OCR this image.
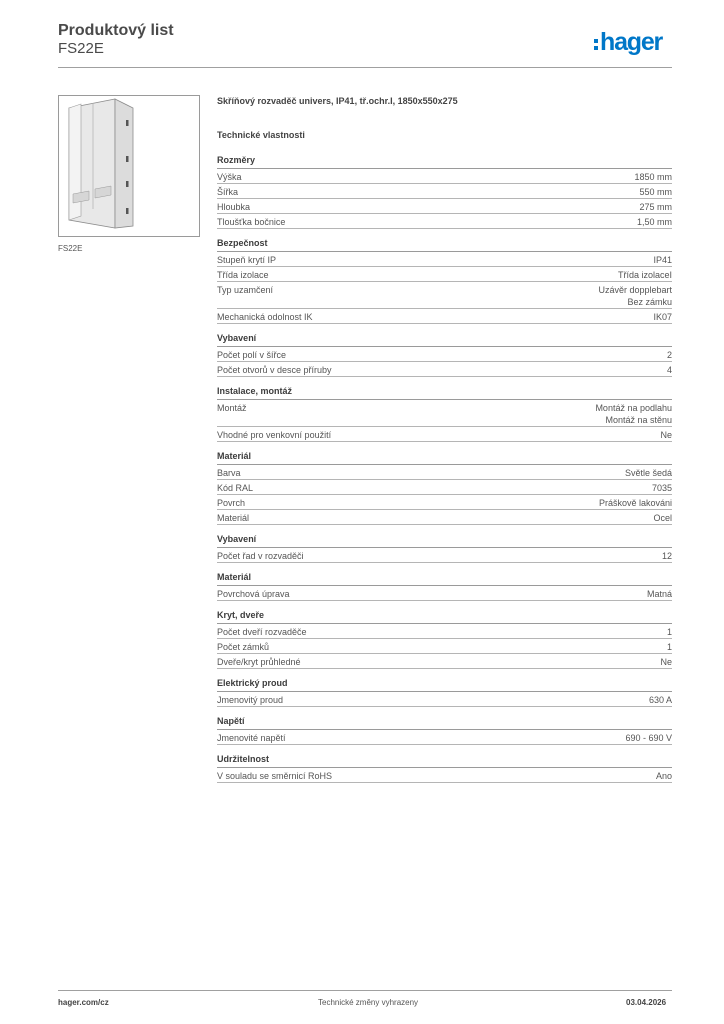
Produktový list
FS22E	hager
FS22E
Skříňový rozvaděč univers, IP41, tř.ochr.I, 1850x550x275
Technické vlastnosti
Rozměry
Výška	1850 mm
Šířka	550 mm
Hloubka	275 mm
Tloušťka bočnice	1,50 mm
Bezpečnost
Stupeň krytí IP	IP41
Třída izolace	Třída izolaceI
Typ uzamčení	Uzávěr dopplebart
Bez zámku
Mechanická odolnost IK	IK07
Vybavení
Počet polí v šířce	2
Počet otvorů v desce příruby	4
Instalace, montáž
Montáž	Montáž na podlahu
Montáž na stěnu
Vhodné pro venkovní použití	Ne
Materiál
Barva	Světle šedá
Kód RAL	7035
Povrch	Práškově lakováni
Materiál	Ocel
Vybavení
Počet řad v rozvaděči	12
Materiál
Povrchová úprava	Matná
Kryt, dveře
Počet dveří rozvaděče	1
Počet zámků	1
Dveře/kryt průhledné	Ne
Elektrický proud
Jmenovitý proud	630 A
Napětí
Jmenovité napětí	690 - 690 V
Udržitelnost
V souladu se směrnicí RoHS	Ano
hager.com/cz	Technické změny vyhrazeny	03.04.2026
